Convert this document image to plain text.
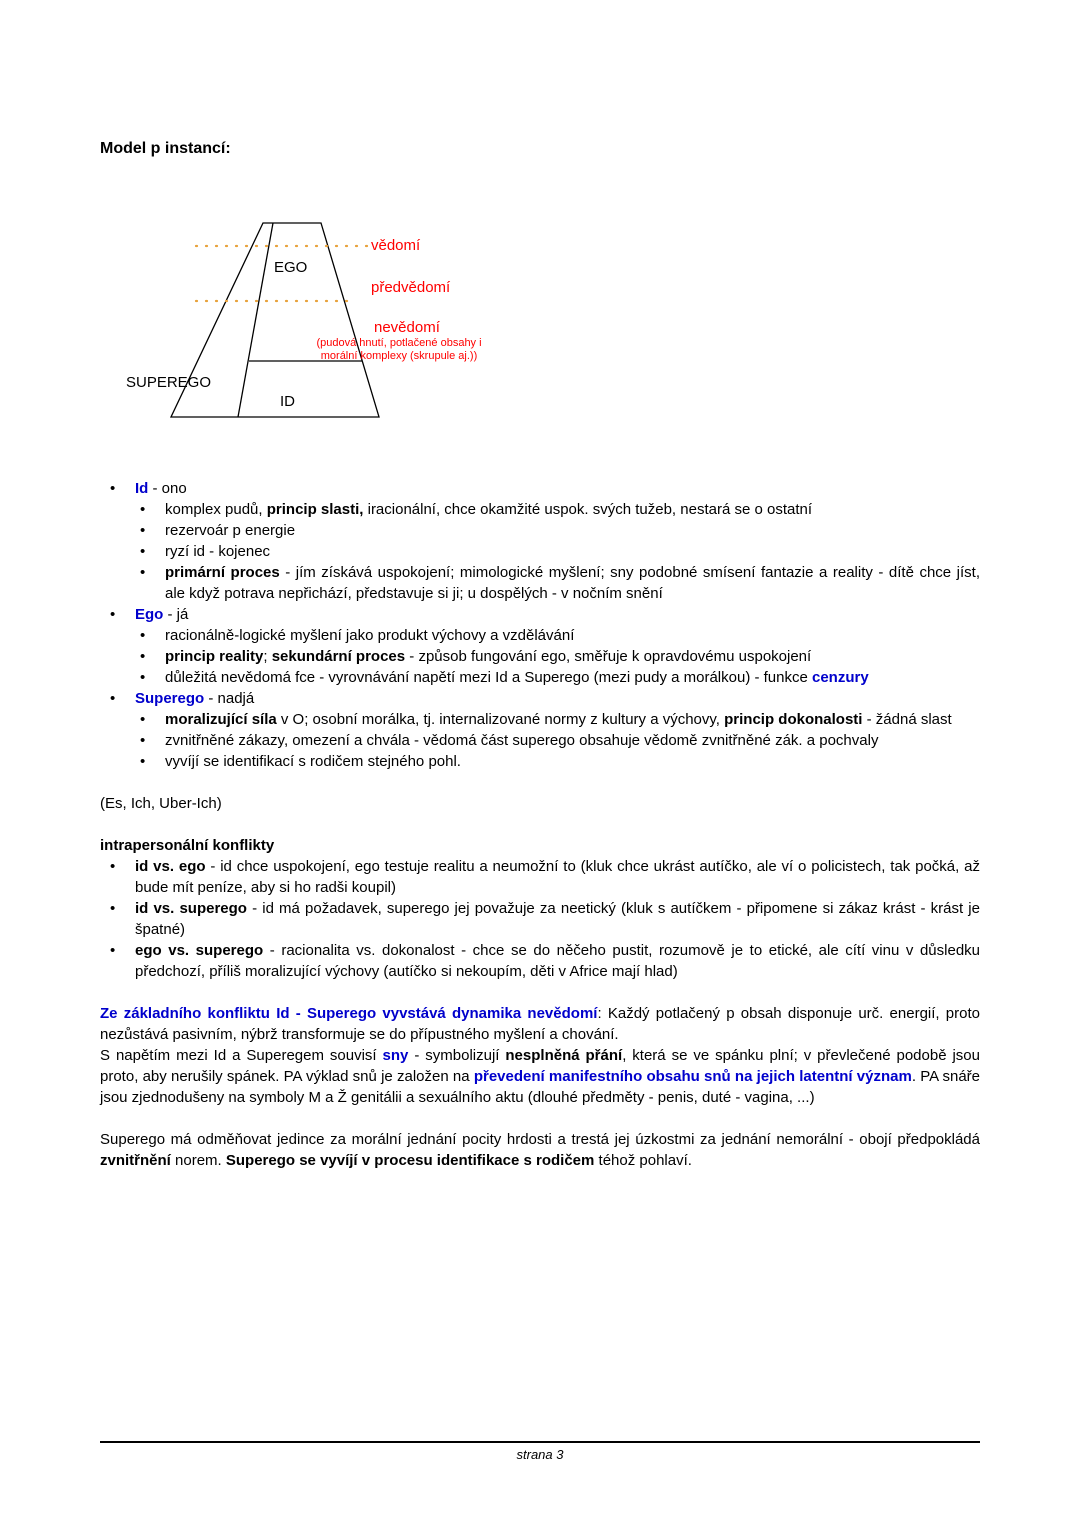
EGO
SUPEREGO
ID
vědomí
předvědomí
nevědomí
(pudová hnutí, potlačené obsahy i
morální komplexy (skrupule aj.))
Model p instancí:
•	Id - ono
•	komplex pudů, princip slasti, iracionální, chce okamžité uspok. svých tužeb, nestará se o ostatní
•	rezervoár p energie
•	ryzí id - kojenec
•	primární proces - jím získává uspokojení; mimologické myšlení; sny podobné smísení fantazie a reality - dítě chce jíst, ale když potrava nepřichází, představuje si ji; u dospělých - v nočním snění
•	Ego - já
•	racionálně-logické myšlení jako produkt výchovy a vzdělávání
•	princip reality; sekundární proces - způsob fungování ego, směřuje k opravdovému uspokojení
•	důležitá nevědomá fce - vyrovnávání napětí mezi Id a Superego (mezi pudy a morálkou) - funkce cenzury
•	Superego - nadjá
•	moralizující síla v O; osobní morálka, tj. internalizované normy z kultury a výchovy, princip dokonalosti - žádná slast
•	zvnitřněné zákazy, omezení a chvála - vědomá část superego obsahuje vědomě zvnitřněné zák. a pochvaly
•	vyvíjí se identifikací s rodičem stejného pohl.
(Es, Ich, Uber-Ich)
intrapersonální konflikty
•	id vs. ego - id chce uspokojení, ego testuje realitu a neumožní to (kluk chce ukrást autíčko, ale ví o policistech, tak počká, až bude mít peníze, aby si ho radši koupil)
•	id vs. superego - id má požadavek, superego jej považuje za neetický (kluk s autíčkem - připomene si zákaz krást - krást je špatné)
•	ego vs. superego - racionalita vs. dokonalost - chce se do něčeho pustit, rozumově je to etické, ale cítí vinu v důsledku předchozí, příliš moralizující výchovy (autíčko si nekoupím, děti v Africe mají hlad)
Ze základního konfliktu Id - Superego vyvstává dynamika nevědomí: Každý potlačený p obsah disponuje urč. energií, proto nezůstává pasivním, nýbrž transformuje se do přípustného myšlení a chování.
S napětím mezi Id a Superegem souvisí sny - symbolizují nesplněná přání, která se ve spánku plní; v převlečené podobě jsou proto, aby nerušily spánek. PA výklad snů je založen na převedení manifestního obsahu snů na jejich latentní význam. PA snáře jsou zjednodušeny na symboly M a Ž genitálii a sexuálního aktu (dlouhé předměty - penis, duté - vagina, ...)
Superego má odměňovat jedince za morální jednání pocity hrdosti a trestá jej úzkostmi za jednání nemorální - obojí předpokládá zvnitřnění norem. Superego se vyvíjí v procesu identifikace s rodičem téhož pohlaví.
strana 3
